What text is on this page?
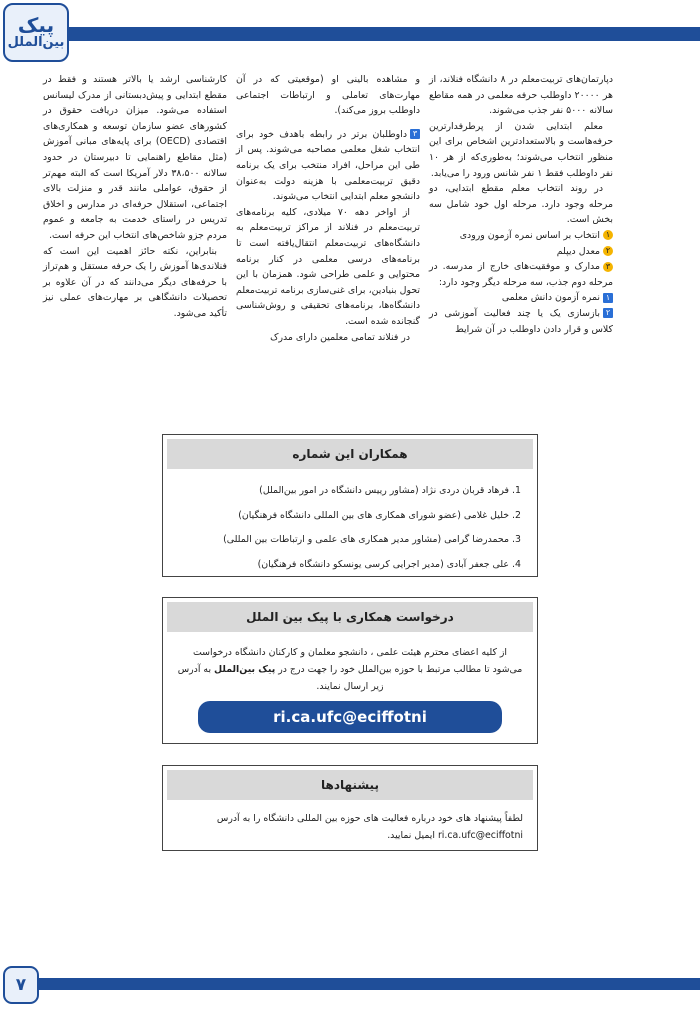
پیک
بین‌الملل

دپارتمان‌های تربیت‌معلم در ۸ دانشگاه فنلاند، از هر ۲۰۰۰۰ داوطلب حرفه معلمی در همه مقاطع سالانه ۵۰۰۰ نفر جذب می‌شوند.

معلم ابتدایی شدن از پرطرفدارترین حرفه‌هاست و بالاستعدادترین اشخاص برای این منظور انتخاب می‌شوند؛ به‌طوری‌که از هر ۱۰ نفر داوطلب فقط ۱ نفر شانس ورود را می‌یابد.

در روند انتخاب معلم مقطع ابتدایی، دو مرحله وجود دارد. مرحله اول خود شامل سه بخش است.

۱انتخاب بر اساس نمره آزمون ورودی

۲معدل دیپلم

۳مدارک و موفقیت‌های خارج از مدرسه. در مرحله دوم جذب، سه مرحله دیگر وجود دارد:

۱نمره آزمون دانش معلمی

۲بازسازی یک یا چند فعالیت آموزشی در کلاس و قرار دادن داوطلب در آن شرایط

و مشاهده بالینی او (موقعیتی که در آن مهارت‌های تعاملی و ارتباطات اجتماعی داوطلب بروز می‌کند).

۳داوطلبان برتر در رابطه باهدف خود برای انتخاب شغل معلمی مصاحبه می‌شوند. پس از طی این مراحل، افراد منتخب برای یک برنامه دقیق تربیت‌معلمی با هزینه دولت به‌عنوان دانشجو معلم ابتدایی انتخاب می‌شوند.

از اواخر دهه ۷۰ میلادی، کلیه برنامه‌های تربیت‌معلم در فنلاند از مراکز تربیت‌معلم به دانشگاه‌های تربیت‌معلم انتقال‌یافته است تا برنامه‌های درسی معلمی در کنار برنامه محتوایی و علمی طراحی شود. همزمان با این تحول بنیادین، برای غنی‌سازی برنامه تربیت‌معلم دانشگاه‌ها، برنامه‌های تحقیقی و روش‌شناسی گنجانده شده است.

در فنلاند تمامی معلمین دارای مدرک

کارشناسی ارشد یا بالاتر هستند و فقط در مقطع ابتدایی و پیش‌دبستانی از مدرک لیسانس استفاده می‌شود. میزان دریافت حقوق در کشورهای عضو سازمان توسعه و همکاری‌های اقتصادی (OECD) برای پایه‌های مبانی آموزش (مثل مقاطع راهنمایی تا دبیرستان در حدود سالانه ۳۸،۵۰۰ دلار آمریکا است که البته مهم‌تر از حقوق، عواملی مانند قدر و منزلت بالای اجتماعی، استقلال حرفه‌ای در مدارس و اخلاق تدریس در راستای خدمت به جامعه و عموم مردم جزو شاخص‌های انتخاب این حرفه است.

بنابراین، نکته حائز اهمیت این است که فنلاندی‌ها آموزش را یک حرفه مستقل و هم‌تراز با حرفه‌های دیگر می‌دانند که در آن علاوه بر تحصیلات دانشگاهی بر مهارت‌های عملی نیز تأکید می‌شود.

همکاران این شماره
1. فرهاد قربان دردی نژاد (مشاور رییس دانشگاه در امور بین‌الملل)
2. خلیل غلامی (عضو شورای همکاری های بین المللی دانشگاه فرهنگیان)
3. محمدرضا گرامی (مشاور مدیر همکاری های علمی و ارتباطات بین المللی)
4. علی جعفر آبادی (مدیر اجرایی کرسی یونسکو دانشگاه فرهنگیان)
درخواست همکاری با پیک بین الملل
از کلیه اعضای محترم هیئت علمی ، دانشجو معلمان و کارکنان دانشگاه درخواست می‌شود تا مطالب مرتبط با حوزه بین‌الملل خود را جهت درج در پیک بین‌الملل به آدرس زیر ارسال نمایند.
ri.ca.ufc@eciffotni
پیشنهادها
لطفاً پیشنهاد های خود درباره فعالیت های حوزه بین المللی دانشگاه را به آدرس ri.ca.ufc@eciffotni ایمیل نمایید.
۷
